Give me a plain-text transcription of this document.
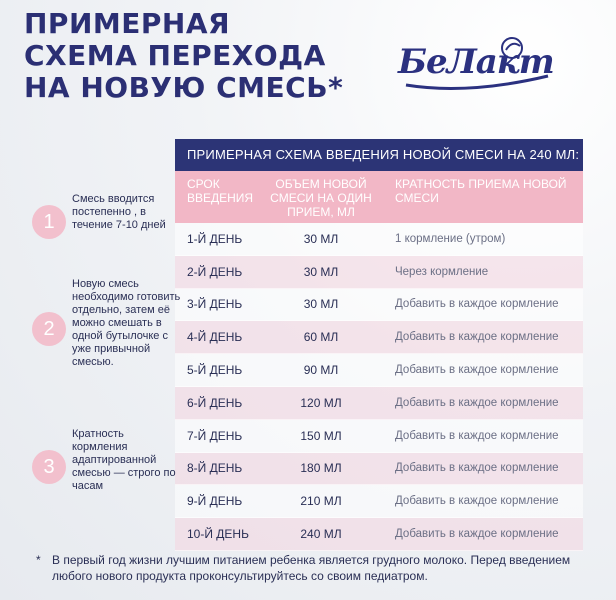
ПРИМЕРНАЯ
СХЕМА ПЕРЕХОДА
НА НОВУЮ СМЕСЬ*
БеЛакт
ПРИМЕРНАЯ СХЕМА ВВЕДЕНИЯ НОВОЙ СМЕСИ НА 240 МЛ:
СРОК ВВЕДЕНИЯ
ОБЪЕМ НОВОЙ СМЕСИ НА ОДИН ПРИЕМ, МЛ
КРАТНОСТЬ ПРИЕМА НОВОЙ СМЕСИ
1-Й ДЕНЬ	30 МЛ	1 кормление (утром)
2-Й ДЕНЬ	30 МЛ	Через кормление
3-Й ДЕНЬ	30 МЛ	Добавить в каждое кормление
4-Й ДЕНЬ	60 МЛ	Добавить в каждое кормление
5-Й ДЕНЬ	90 МЛ	Добавить в каждое кормление
6-Й ДЕНЬ	120 МЛ	Добавить в каждое кормление
7-Й ДЕНЬ	150 МЛ	Добавить в каждое кормление
8-Й ДЕНЬ	180 МЛ	Добавить в каждое кормление
9-Й ДЕНЬ	210 МЛ	Добавить в каждое кормление
10-Й ДЕНЬ	240 МЛ	Добавить в каждое кормление
1
Смесь вводится постепенно , в течение 7-10 дней
2
Новую смесь необходимо готовить отдельно, затем её можно смешать в одной бутылочке с уже привычной смесью.
3
Кратность кормления адаптированной смесью — строго по часам
* В первый год жизни лучшим питанием ребенка является грудного молоко. Перед введением любого нового продукта проконсультируйтесь со своим педиатром.
